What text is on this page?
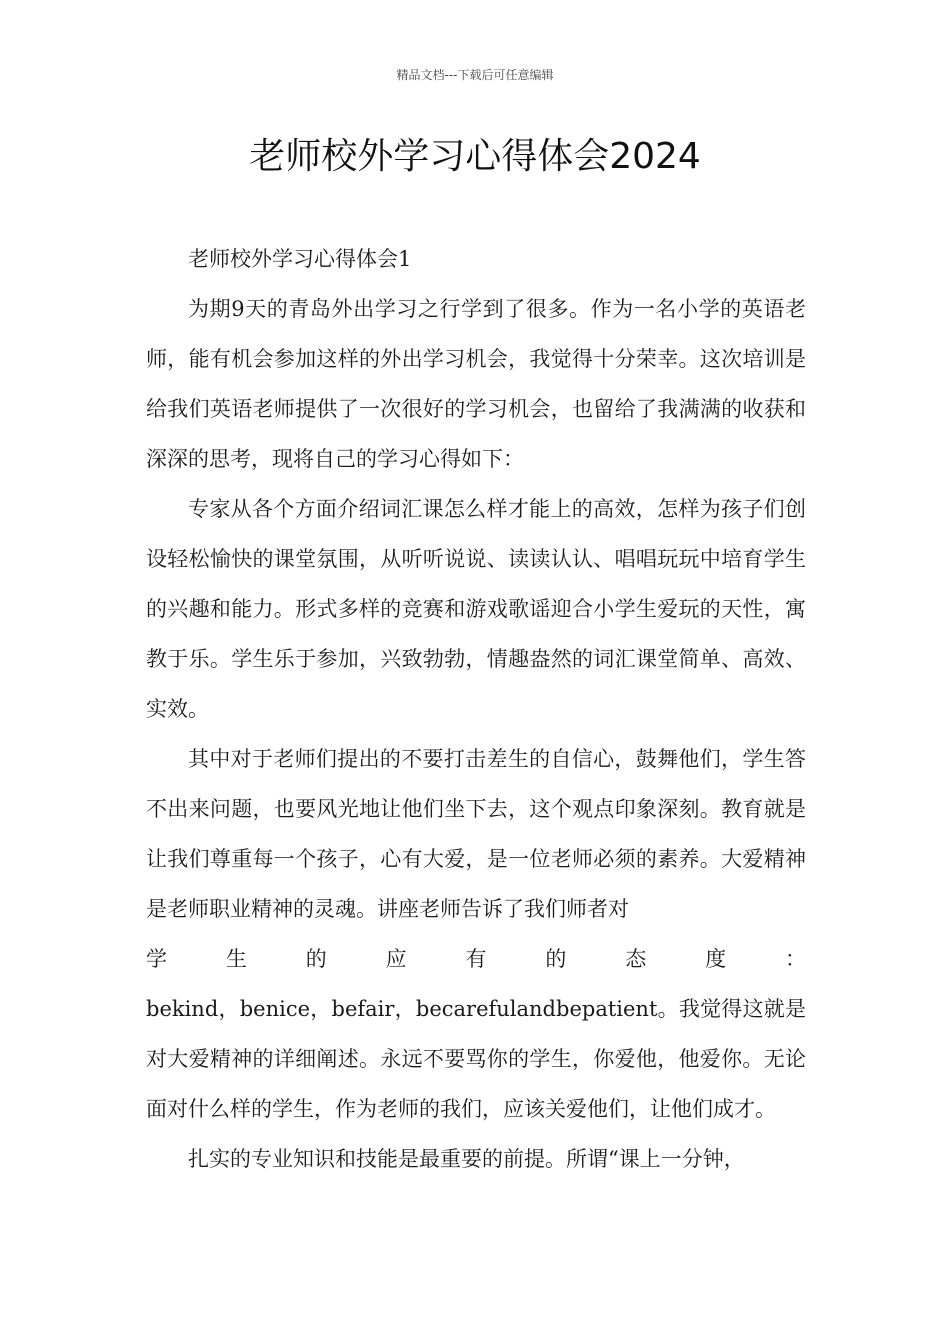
精品文档---下载后可任意编辑
老师校外学习心得体会2024

老师校外学习心得体会1

为期9天的青岛外出学习之行学到了很多。作为一名小学的英语老师，能有机会参加这样的外出学习机会，我觉得十分荣幸。这次培训是给我们英语老师提供了一次很好的学习机会，也留给了我满满的收获和深深的思考，现将自己的学习心得如下：

专家从各个方面介绍词汇课怎么样才能上的高效，怎样为孩子们创设轻松愉快的课堂氛围，从听听说说、读读认认、唱唱玩玩中培育学生的兴趣和能力。形式多样的竞赛和游戏歌谣迎合小学生爱玩的天性，寓教于乐。学生乐于参加，兴致勃勃，情趣盎然的词汇课堂简单、高效、实效。

其中对于老师们提出的不要打击差生的自信心，鼓舞他们，学生答不出来问题，也要风光地让他们坐下去，这个观点印象深刻。教育就是让我们尊重每一个孩子，心有大爱，是一位老师必须的素养。大爱精神是老师职业精神的灵魂。讲座老师告诉了我们师者对

学	生	的	应	有	的	态	度	：

bekind，benice，befair，becarefulandbepatient。我觉得这就是对大爱精神的详细阐述。永远不要骂你的学生，你爱他，他爱你。无论面对什么样的学生，作为老师的我们，应该关爱他们，让他们成才。

扎实的专业知识和技能是最重要的前提。所谓“课上一分钟，
